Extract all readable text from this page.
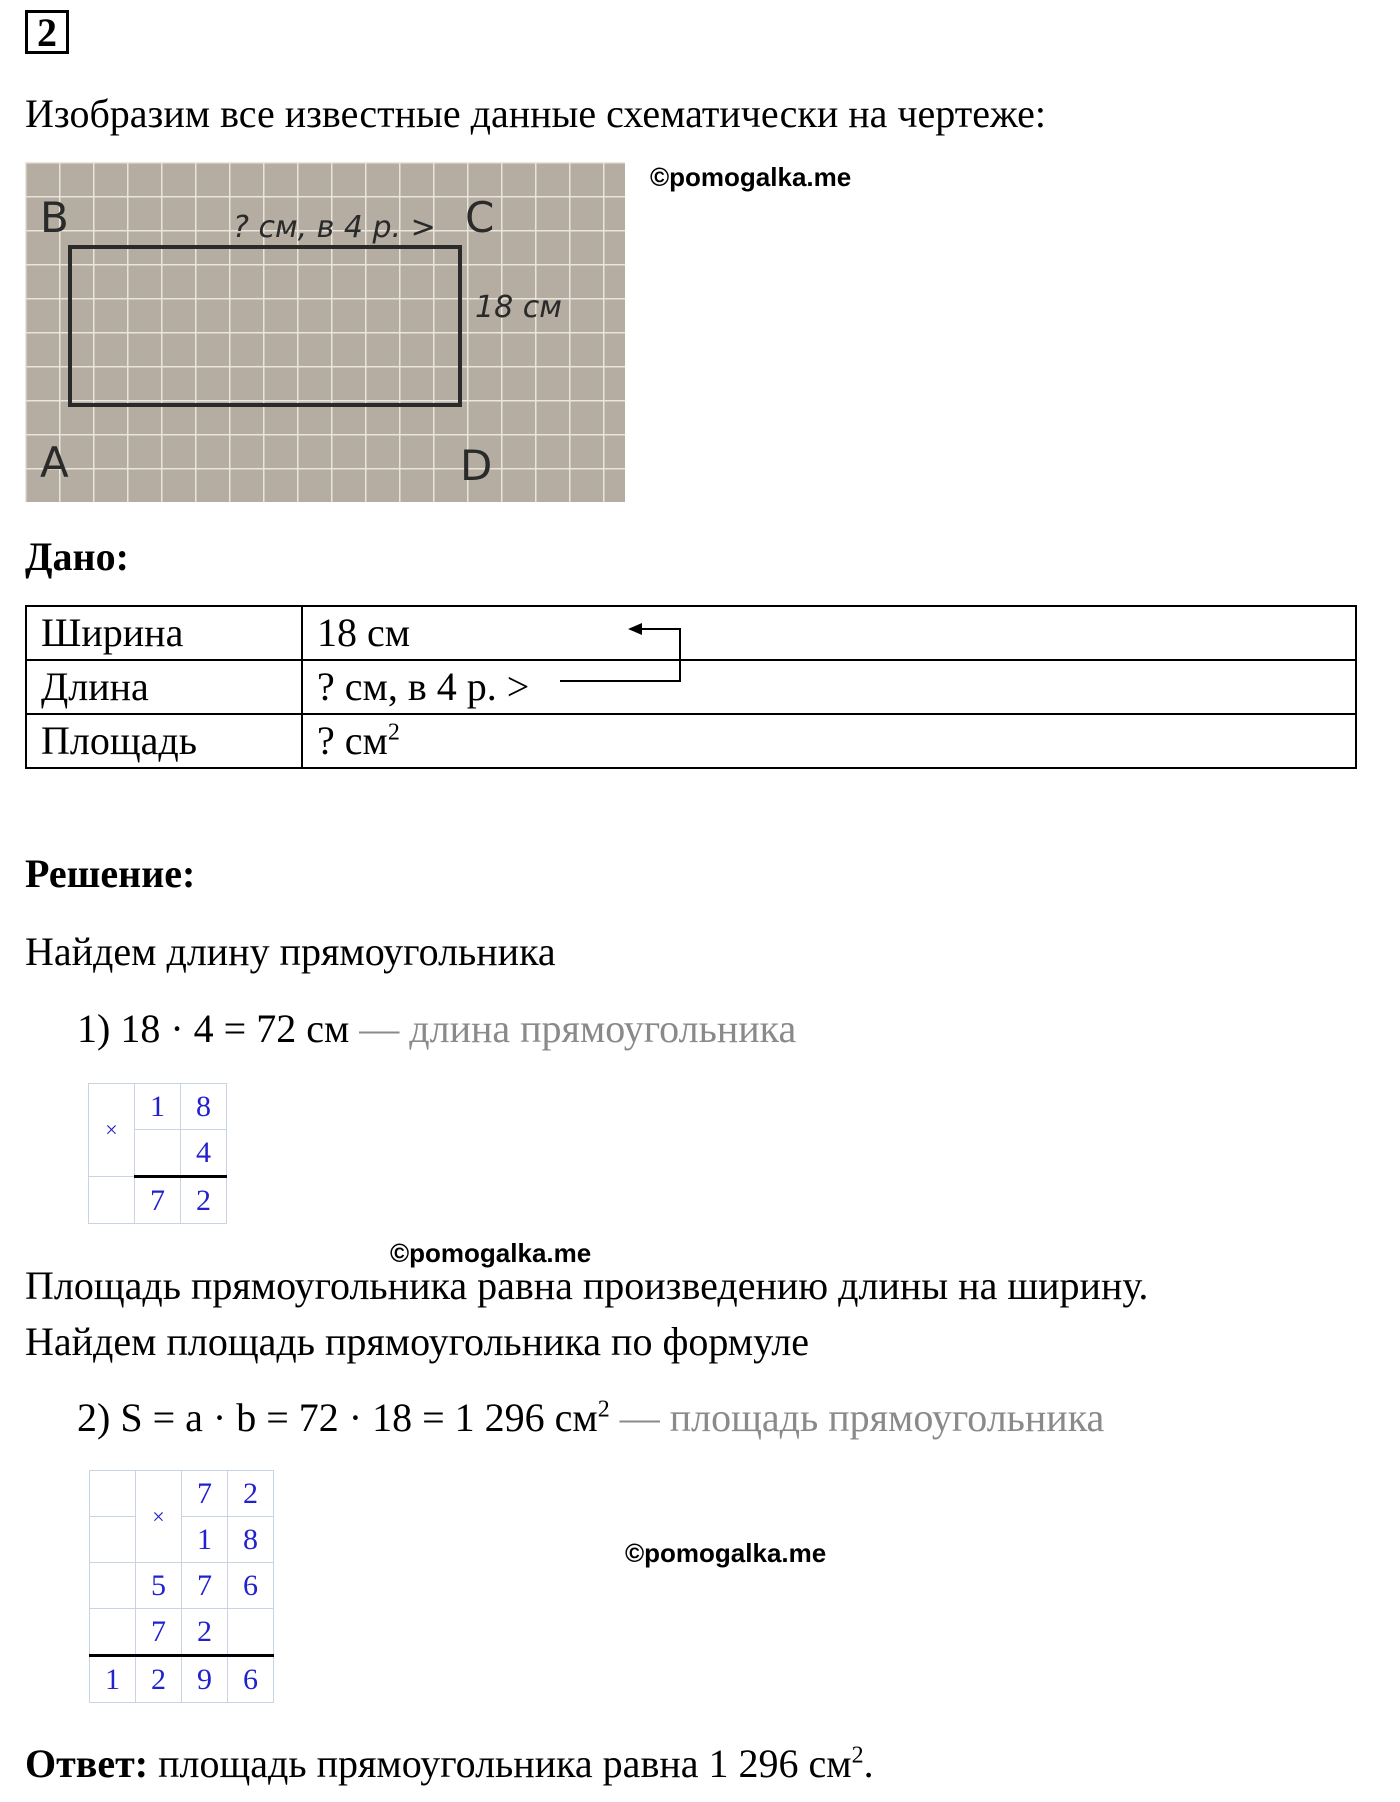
2
Изобразим все известные данные схематически на чертеже:
B	C
A	D
? см, в 4 р. >
18 см
©pomogalka.me
Дано:
Ширина	18 см
Длина	? см, в 4 р. >
Площадь	? $см^2$
Решение:
Найдем длину прямоугольника
1) 18 · 4 = 72 см — длина прямоугольника
×	1	8
		4
	7	2
©pomogalka.me
Площадь прямоугольника равна произведению длины на ширину.
Найдем площадь прямоугольника по формуле
2) S = a · b = 72 · 18 = 1 296 $см^2$ — площадь прямоугольника
	×	7	2
		1	8
	5	7	6
	7	2	
1	2	9	6
©pomogalka.me
Ответ: площадь прямоугольника равна 1 296 $см^2$.
